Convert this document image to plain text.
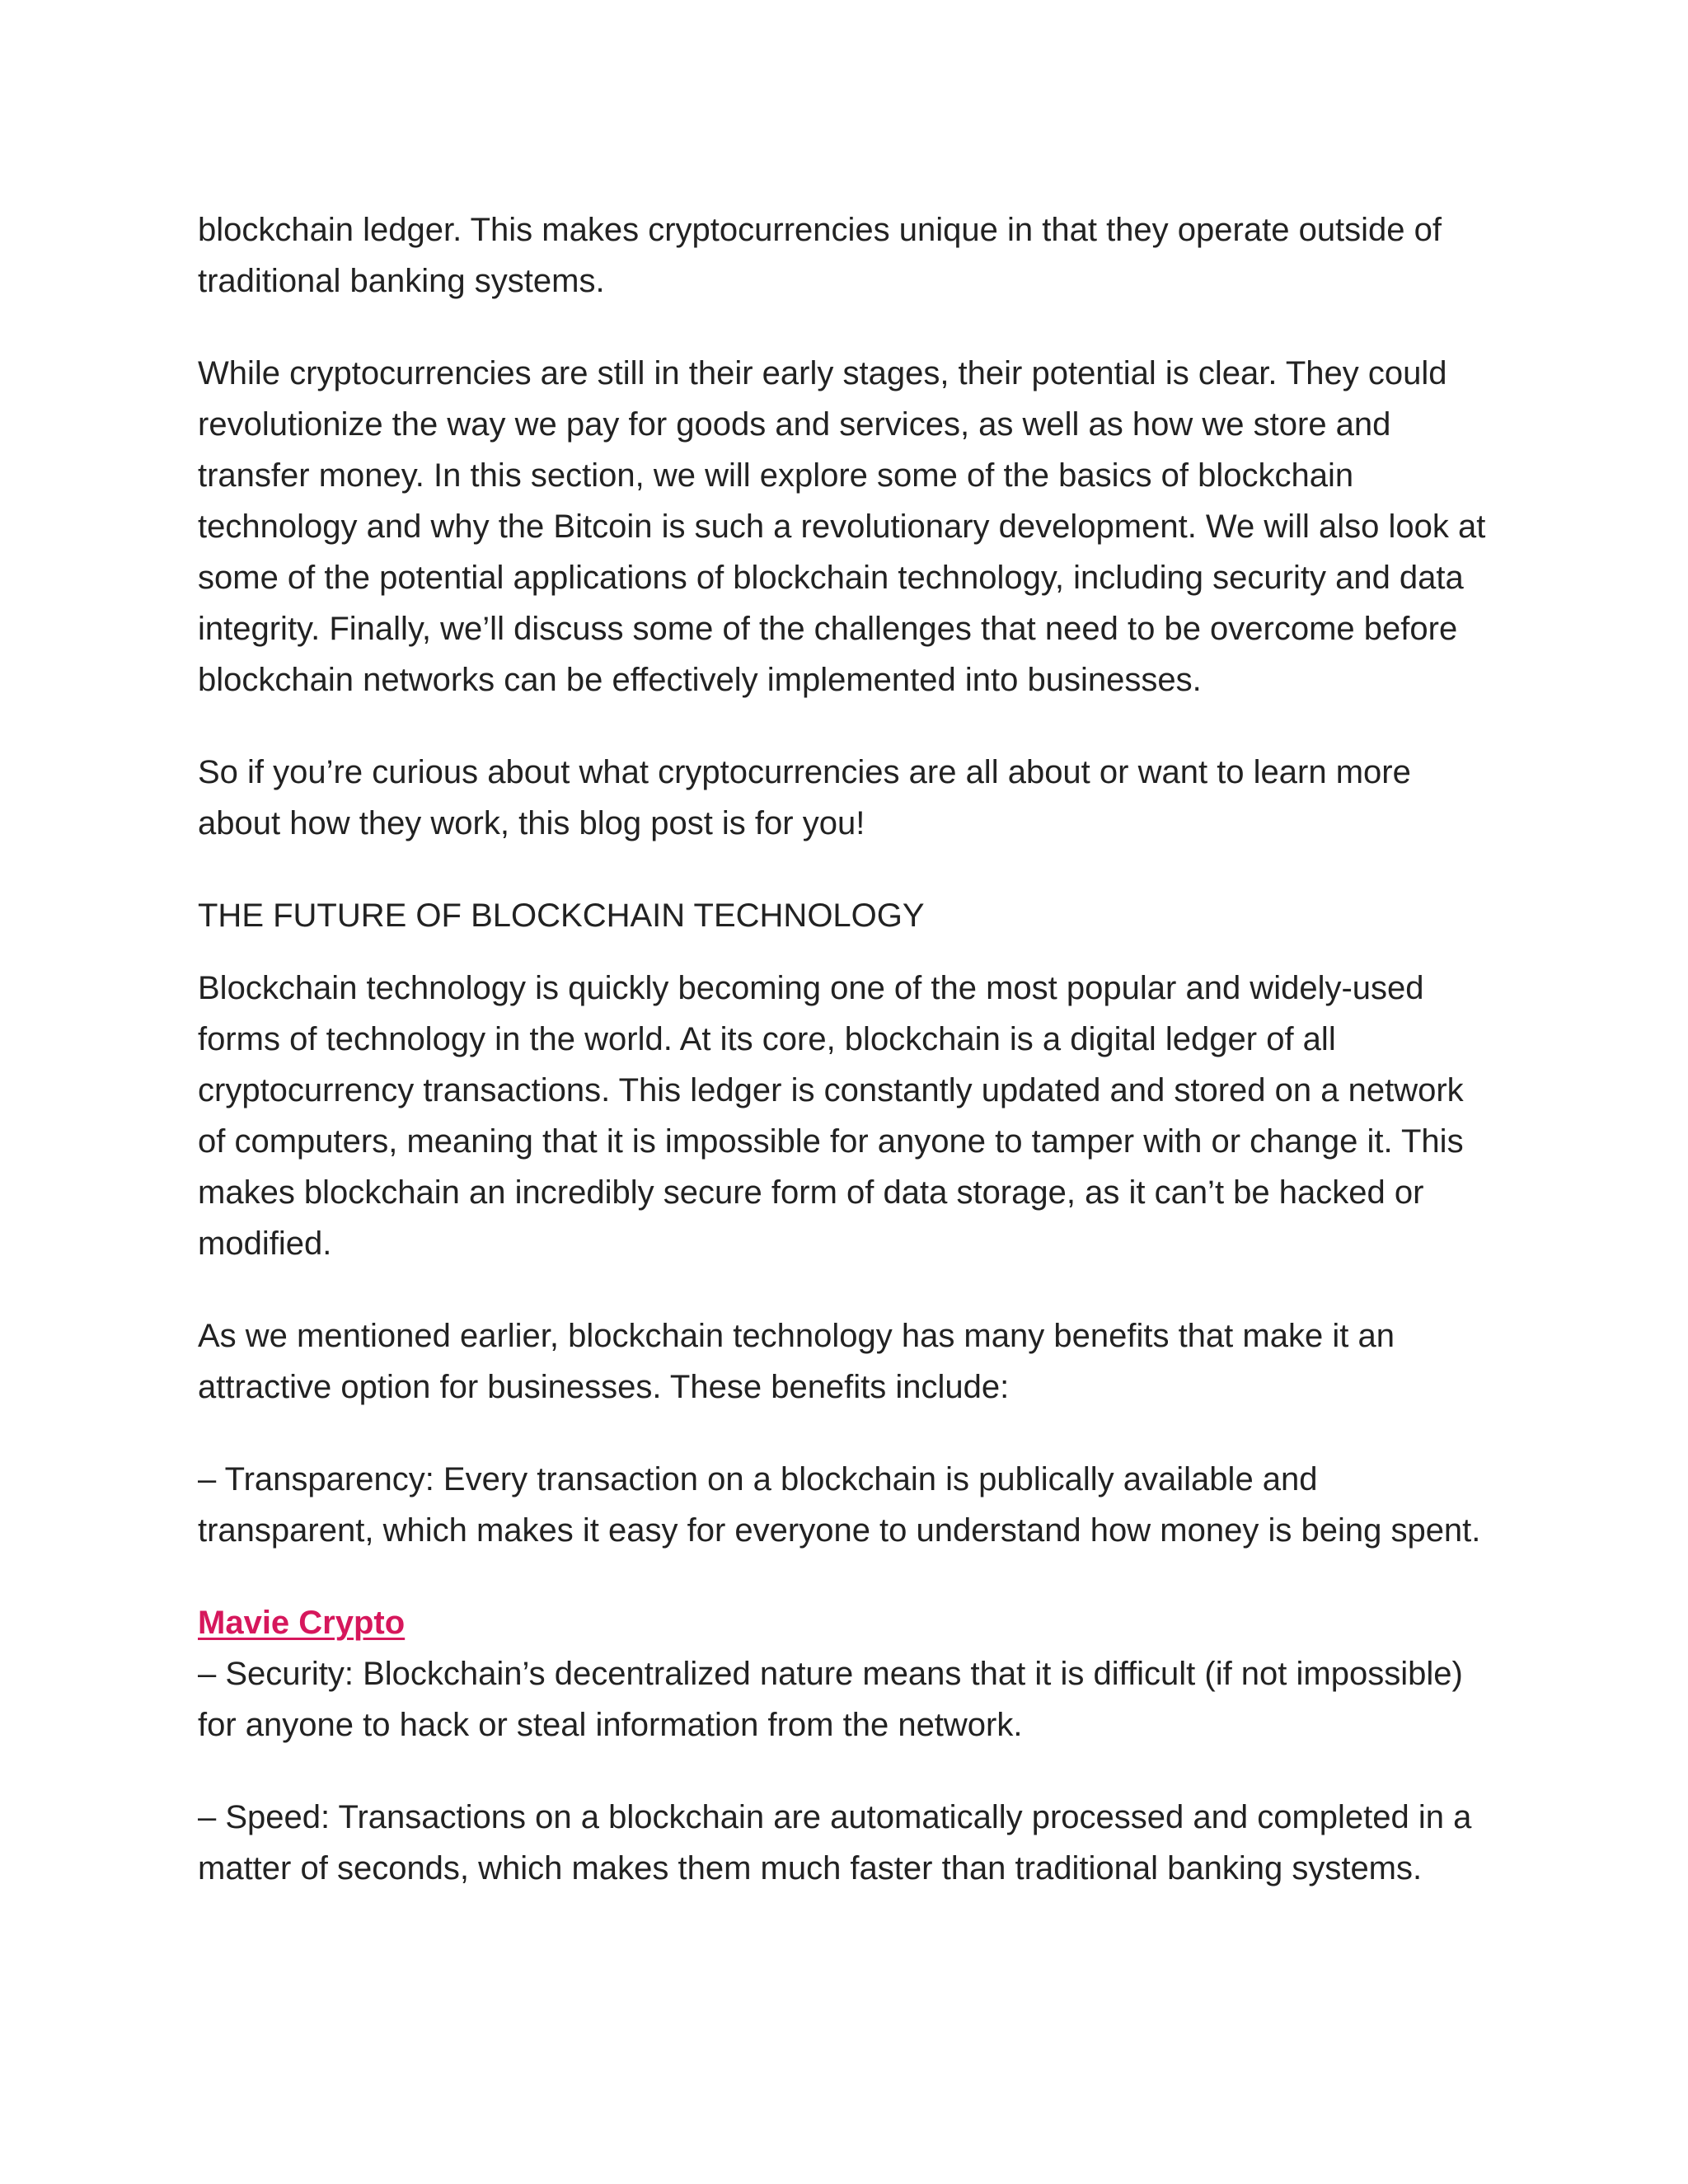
blockchain ledger. This makes cryptocurrencies unique in that they operate outside of traditional banking systems.

While cryptocurrencies are still in their early stages, their potential is clear. They could revolutionize the way we pay for goods and services, as well as how we store and transfer money. In this section, we will explore some of the basics of blockchain technology and why the Bitcoin is such a revolutionary development. We will also look at some of the potential applications of blockchain technology, including security and data integrity. Finally, we’ll discuss some of the challenges that need to be overcome before blockchain networks can be effectively implemented into businesses.

So if you’re curious about what cryptocurrencies are all about or want to learn more about how they work, this blog post is for you!

THE FUTURE OF BLOCKCHAIN TECHNOLOGY

Blockchain technology is quickly becoming one of the most popular and widely-used forms of technology in the world. At its core, blockchain is a digital ledger of all cryptocurrency transactions. This ledger is constantly updated and stored on a network of computers, meaning that it is impossible for anyone to tamper with or change it. This makes blockchain an incredibly secure form of data storage, as it can’t be hacked or modified.

As we mentioned earlier, blockchain technology has many benefits that make it an attractive option for businesses. These benefits include:

– Transparency: Every transaction on a blockchain is publically available and transparent, which makes it easy for everyone to understand how money is being spent.

Mavie Crypto
– Security: Blockchain’s decentralized nature means that it is difficult (if not impossible) for anyone to hack or steal information from the network.

– Speed: Transactions on a blockchain are automatically processed and completed in a matter of seconds, which makes them much faster than traditional banking systems.
